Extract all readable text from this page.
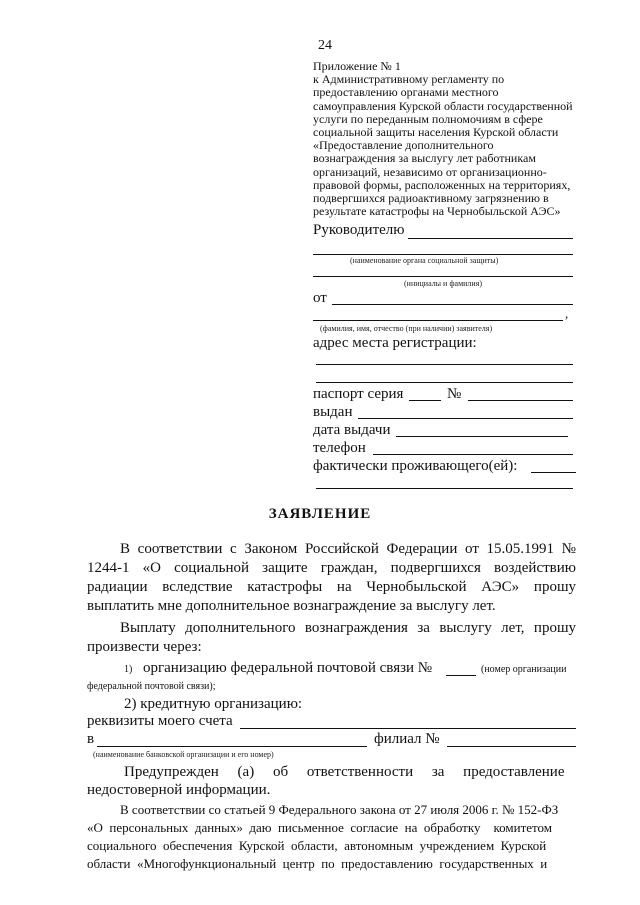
24
Приложение № 1
к Административному регламенту по
предоставлению органами местного
самоуправления Курской области государственной
услуги по переданным полномочиям в сфере
социальной защиты населения Курской области
«Предоставление дополнительного
вознаграждения за выслугу лет работникам
организаций, независимо от организационно-
правовой формы, расположенных на территориях,
подвергшихся радиоактивному загрязнению в
результате катастрофы на Чернобыльской АЭС»
Руководителю
(наименование органа социальной защиты)
(инициалы и фамилия)
от
,
(фамилия, имя, отчество (при наличии) заявителя)
адрес места регистрации:
паспорт серия	№
выдан
дата выдачи
телефон
фактически проживающего(ей):
ЗАЯВЛЕНИЕ
В соответствии с Законом Российской Федерации от 15.05.1991 №
1244-1 «О социальной защите граждан, подвергшихся воздействию
радиации вследствие катастрофы на Чернобыльской АЭС» прошу
выплатить мне дополнительное вознаграждение за выслугу лет.
Выплату дополнительного вознаграждения за выслугу лет, прошу
произвести через:
1) организацию федеральной почтовой связи №	(номер организации
федеральной почтовой связи);
2) кредитную организацию:
реквизиты моего счета
в	филиал №
(наименование банковской организации и его номер)
Предупрежден     (а)     об     ответственности     за     предоставление
недостоверной информации.
В соответствии со статьей 9 Федерального закона от 27 июля 2006 г. № 152-ФЗ
«О  персональных  данных»  даю  письменное  согласие  на  обработку    комитетом
социального  обеспечения  Курской  области,  автономным  учреждением  Курской
области  «Многофункциональный  центр  по  предоставлению  государственных  и
